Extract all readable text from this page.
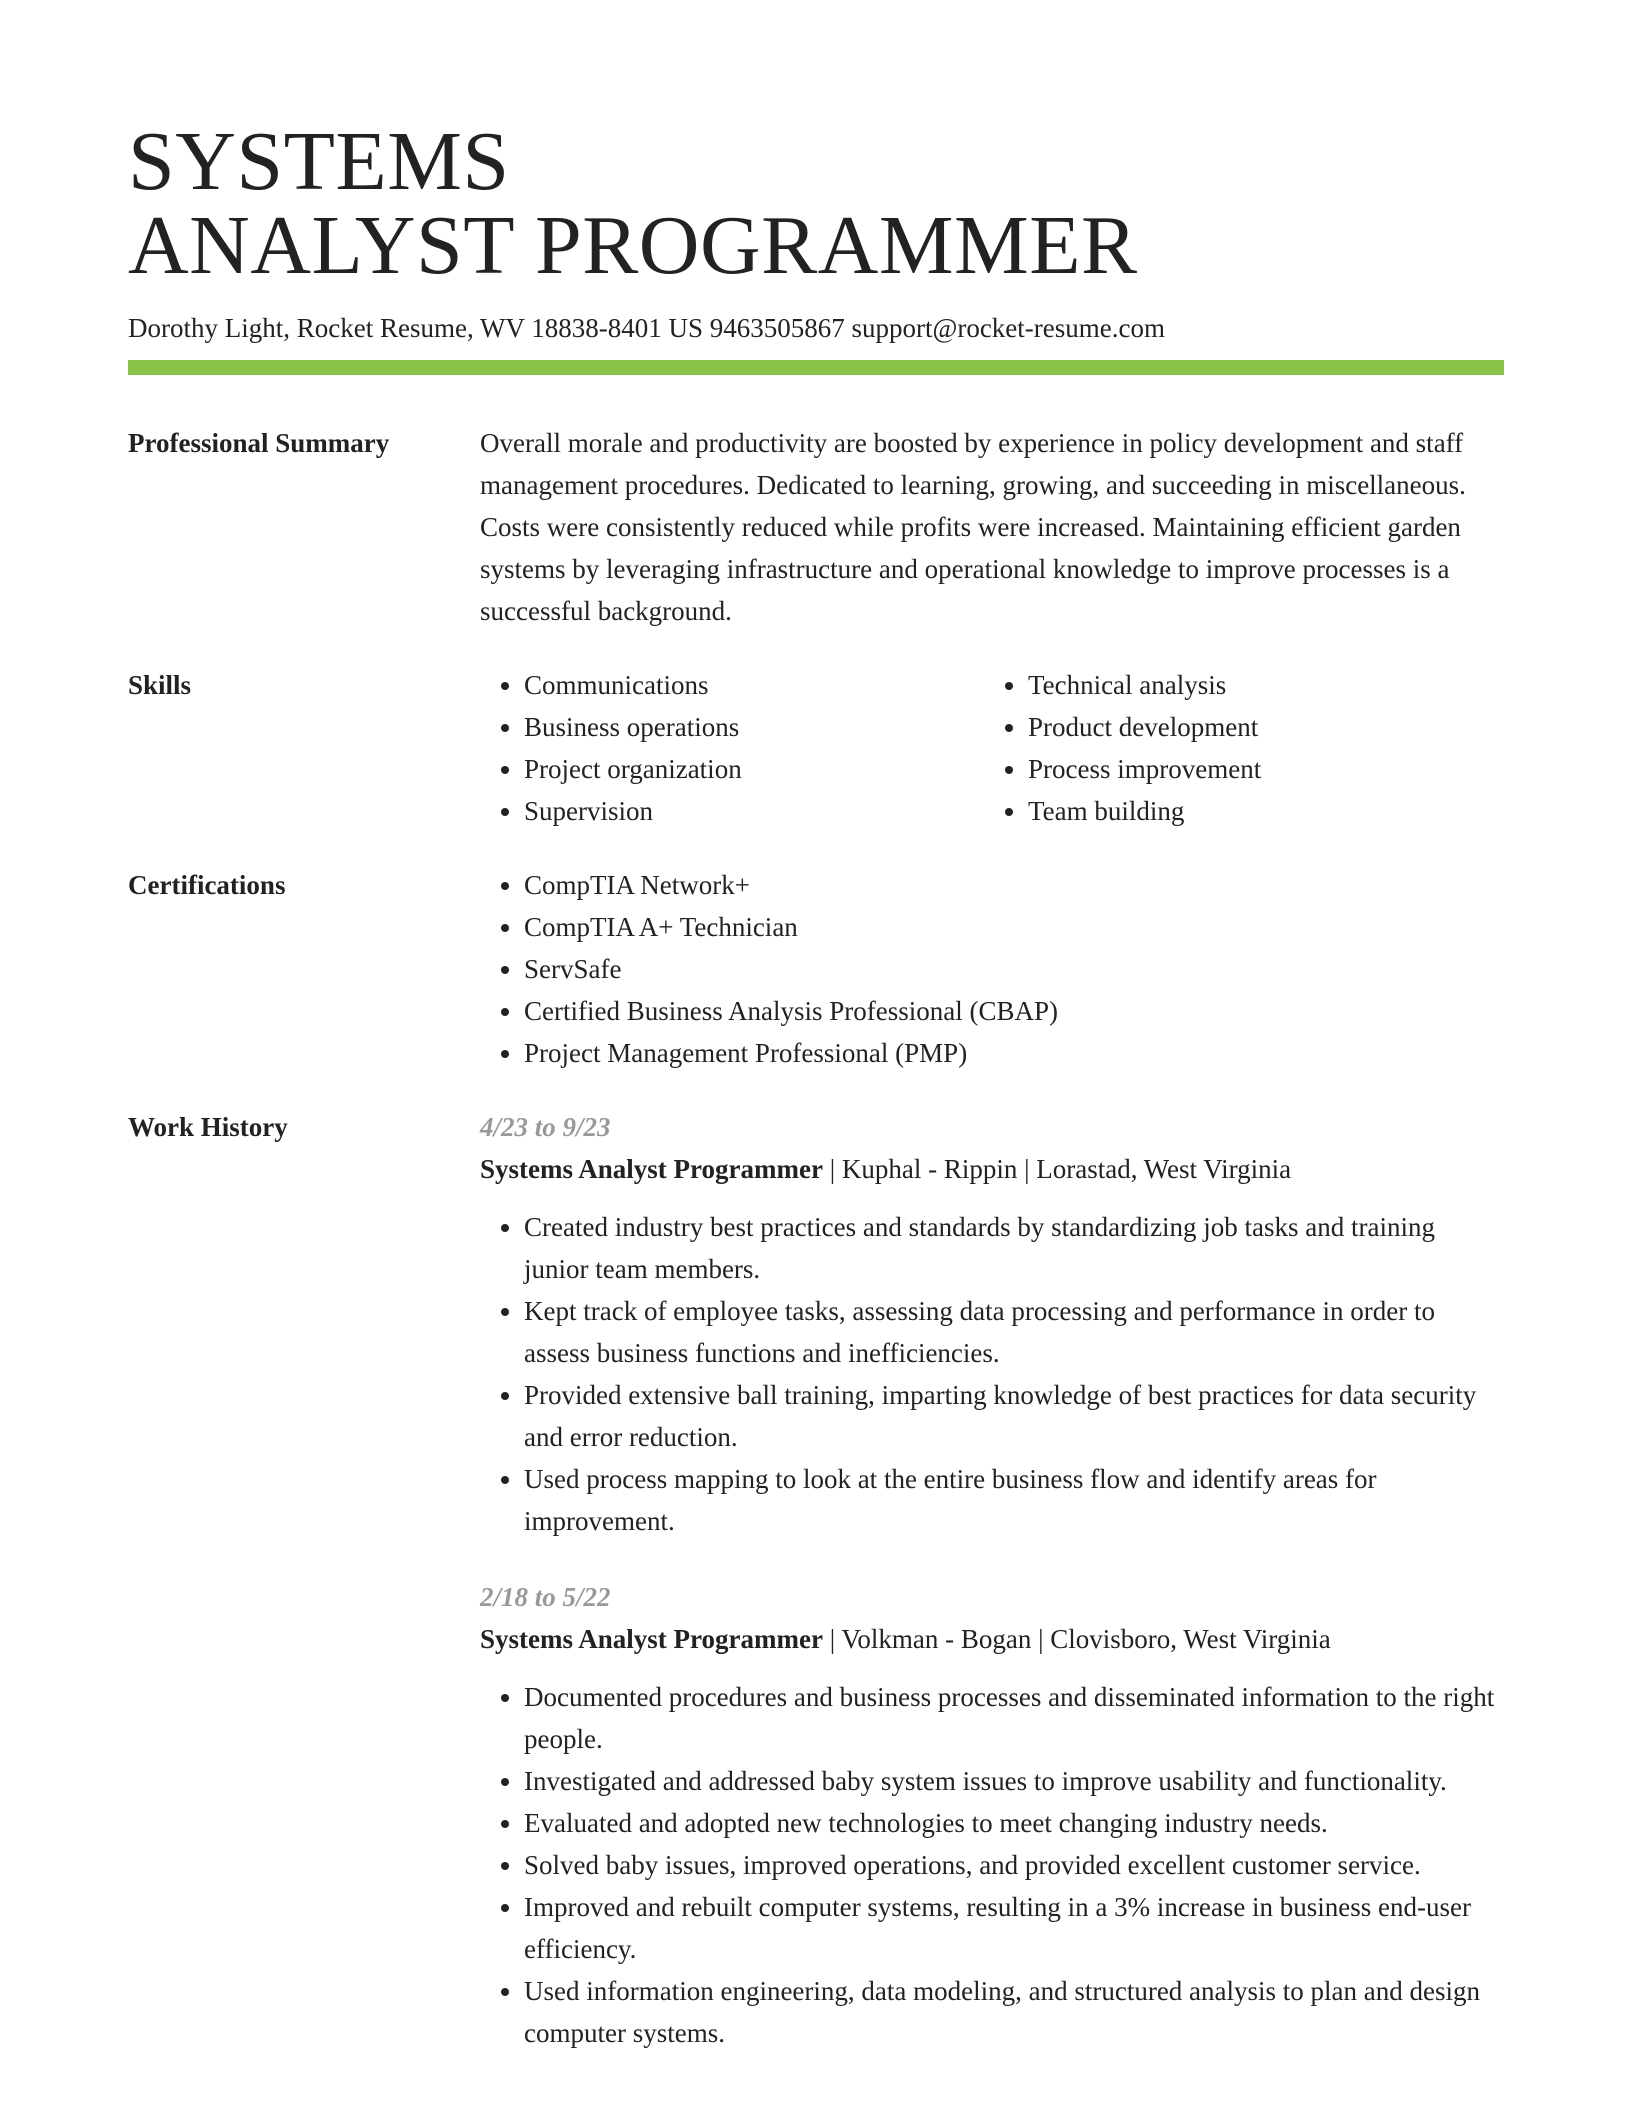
SYSTEMS
ANALYST PROGRAMMER
Dorothy Light, Rocket Resume, WV 18838-8401 US 9463505867 support@rocket-resume.com
Professional Summary	Overall morale and productivity are boosted by experience in policy development and staff management procedures. Dedicated to learning, growing, and succeeding in miscellaneous. Costs were consistently reduced while profits were increased. Maintaining efficient garden systems by leveraging infrastructure and operational knowledge to improve processes is a successful background.

Skills	• Communications
• Business operations
• Project organization
• Supervision
• Technical analysis
• Product development
• Process improvement
• Team building
Certifications	• CompTIA Network+
• CompTIA A+ Technician
• ServSafe
• Certified Business Analysis Professional (CBAP)
• Project Management Professional (PMP)
Work History	4/23 to 9/23
Systems Analyst Programmer | Kuphal - Rippin | Lorastad, West Virginia
• Created industry best practices and standards by standardizing job tasks and training junior team members.
• Kept track of employee tasks, assessing data processing and performance in order to assess business functions and inefficiencies.
• Provided extensive ball training, imparting knowledge of best practices for data security and error reduction.
• Used process mapping to look at the entire business flow and identify areas for improvement.
2/18 to 5/22
Systems Analyst Programmer | Volkman - Bogan | Clovisboro, West Virginia
• Documented procedures and business processes and disseminated information to the right people.
• Investigated and addressed baby system issues to improve usability and functionality.
• Evaluated and adopted new technologies to meet changing industry needs.
• Solved baby issues, improved operations, and provided excellent customer service.
• Improved and rebuilt computer systems, resulting in a 3% increase in business end-user efficiency.
• Used information engineering, data modeling, and structured analysis to plan and design computer systems.
